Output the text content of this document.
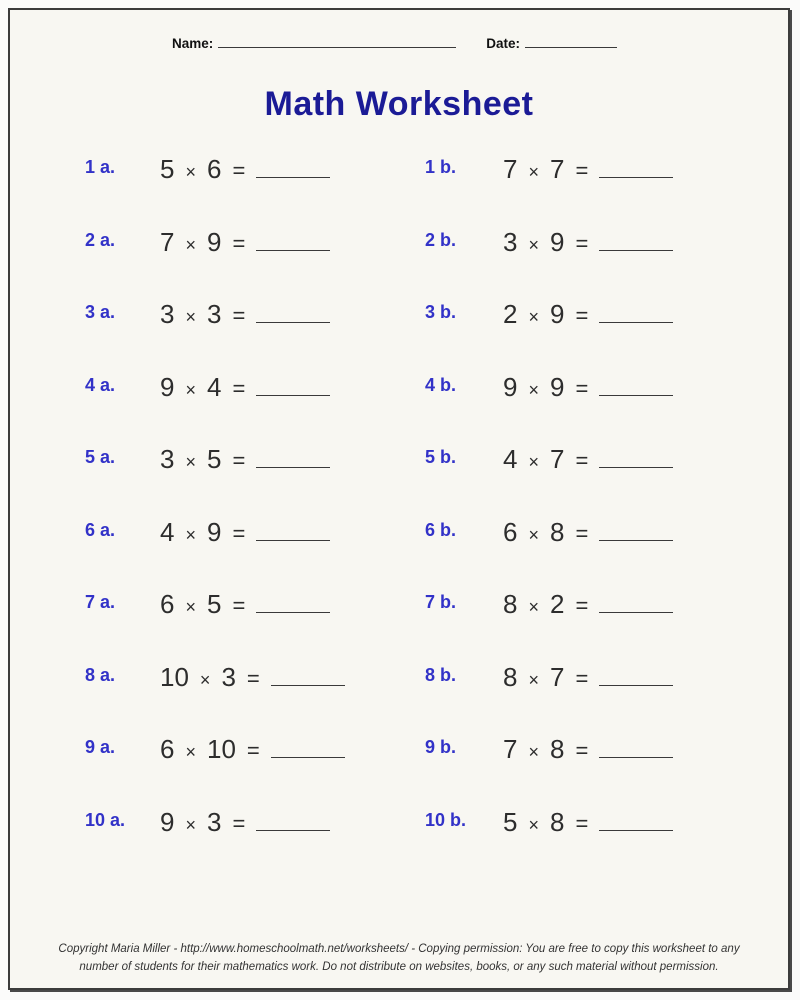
Name:	Date:
Math Worksheet
1 a.	5 × 6 =	1 b.	7 × 7 =
2 a.	7 × 9 =	2 b.	3 × 9 =
3 a.	3 × 3 =	3 b.	2 × 9 =
4 a.	9 × 4 =	4 b.	9 × 9 =
5 a.	3 × 5 =	5 b.	4 × 7 =
6 a.	4 × 9 =	6 b.	6 × 8 =
7 a.	6 × 5 =	7 b.	8 × 2 =
8 a.	10 × 3 =	8 b.	8 × 7 =
9 a.	6 × 10 =	9 b.	7 × 8 =
10 a.	9 × 3 =	10 b.	5 × 8 =
Copyright Maria Miller - http://www.homeschoolmath.net/worksheets/ - Copying permission: You are free to copy this worksheet to any
number of students for their mathematics work. Do not distribute on websites, books, or any such material without permission.
